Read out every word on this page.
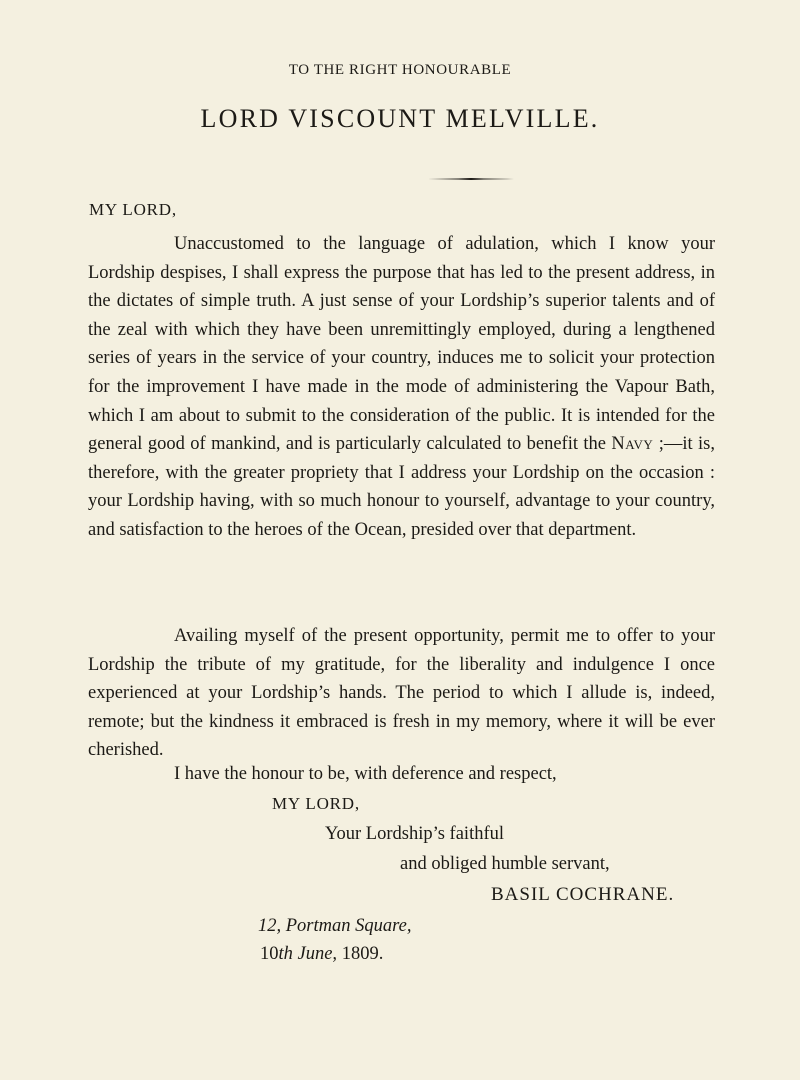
TO THE RIGHT HONOURABLE
LORD VISCOUNT MELVILLE.
MY LORD,

Unaccustomed to the language of adulation, which I know your Lordship despises, I shall express the purpose that has led to the present address, in the dictates of simple truth. A just sense of your Lordship’s superior talents and of the zeal with which they have been unremittingly employed, during a lengthened series of years in the service of your country, induces me to solicit your protection for the improvement I have made in the mode of administering the Vapour Bath, which I am about to submit to the consideration of the public. It is intended for the general good of mankind, and is particularly calculated to benefit the Navy ;—it is, therefore, with the greater propriety that I address your Lordship on the occasion : your Lordship having, with so much honour to yourself, advantage to your country, and satisfaction to the heroes of the Ocean, presided over that department.

Availing myself of the present opportunity, permit me to offer to your Lordship the tribute of my gratitude, for the liberality and indulgence I once experienced at your Lordship’s hands. The period to which I allude is, indeed, remote; but the kindness it embraced is fresh in my memory, where it will be ever cherished.

I have the honour to be, with deference and respect,
MY LORD,
Your Lordship’s faithful
and obliged humble servant,
BASIL COCHRANE.
12, Portman Square,
10th June, 1809.
